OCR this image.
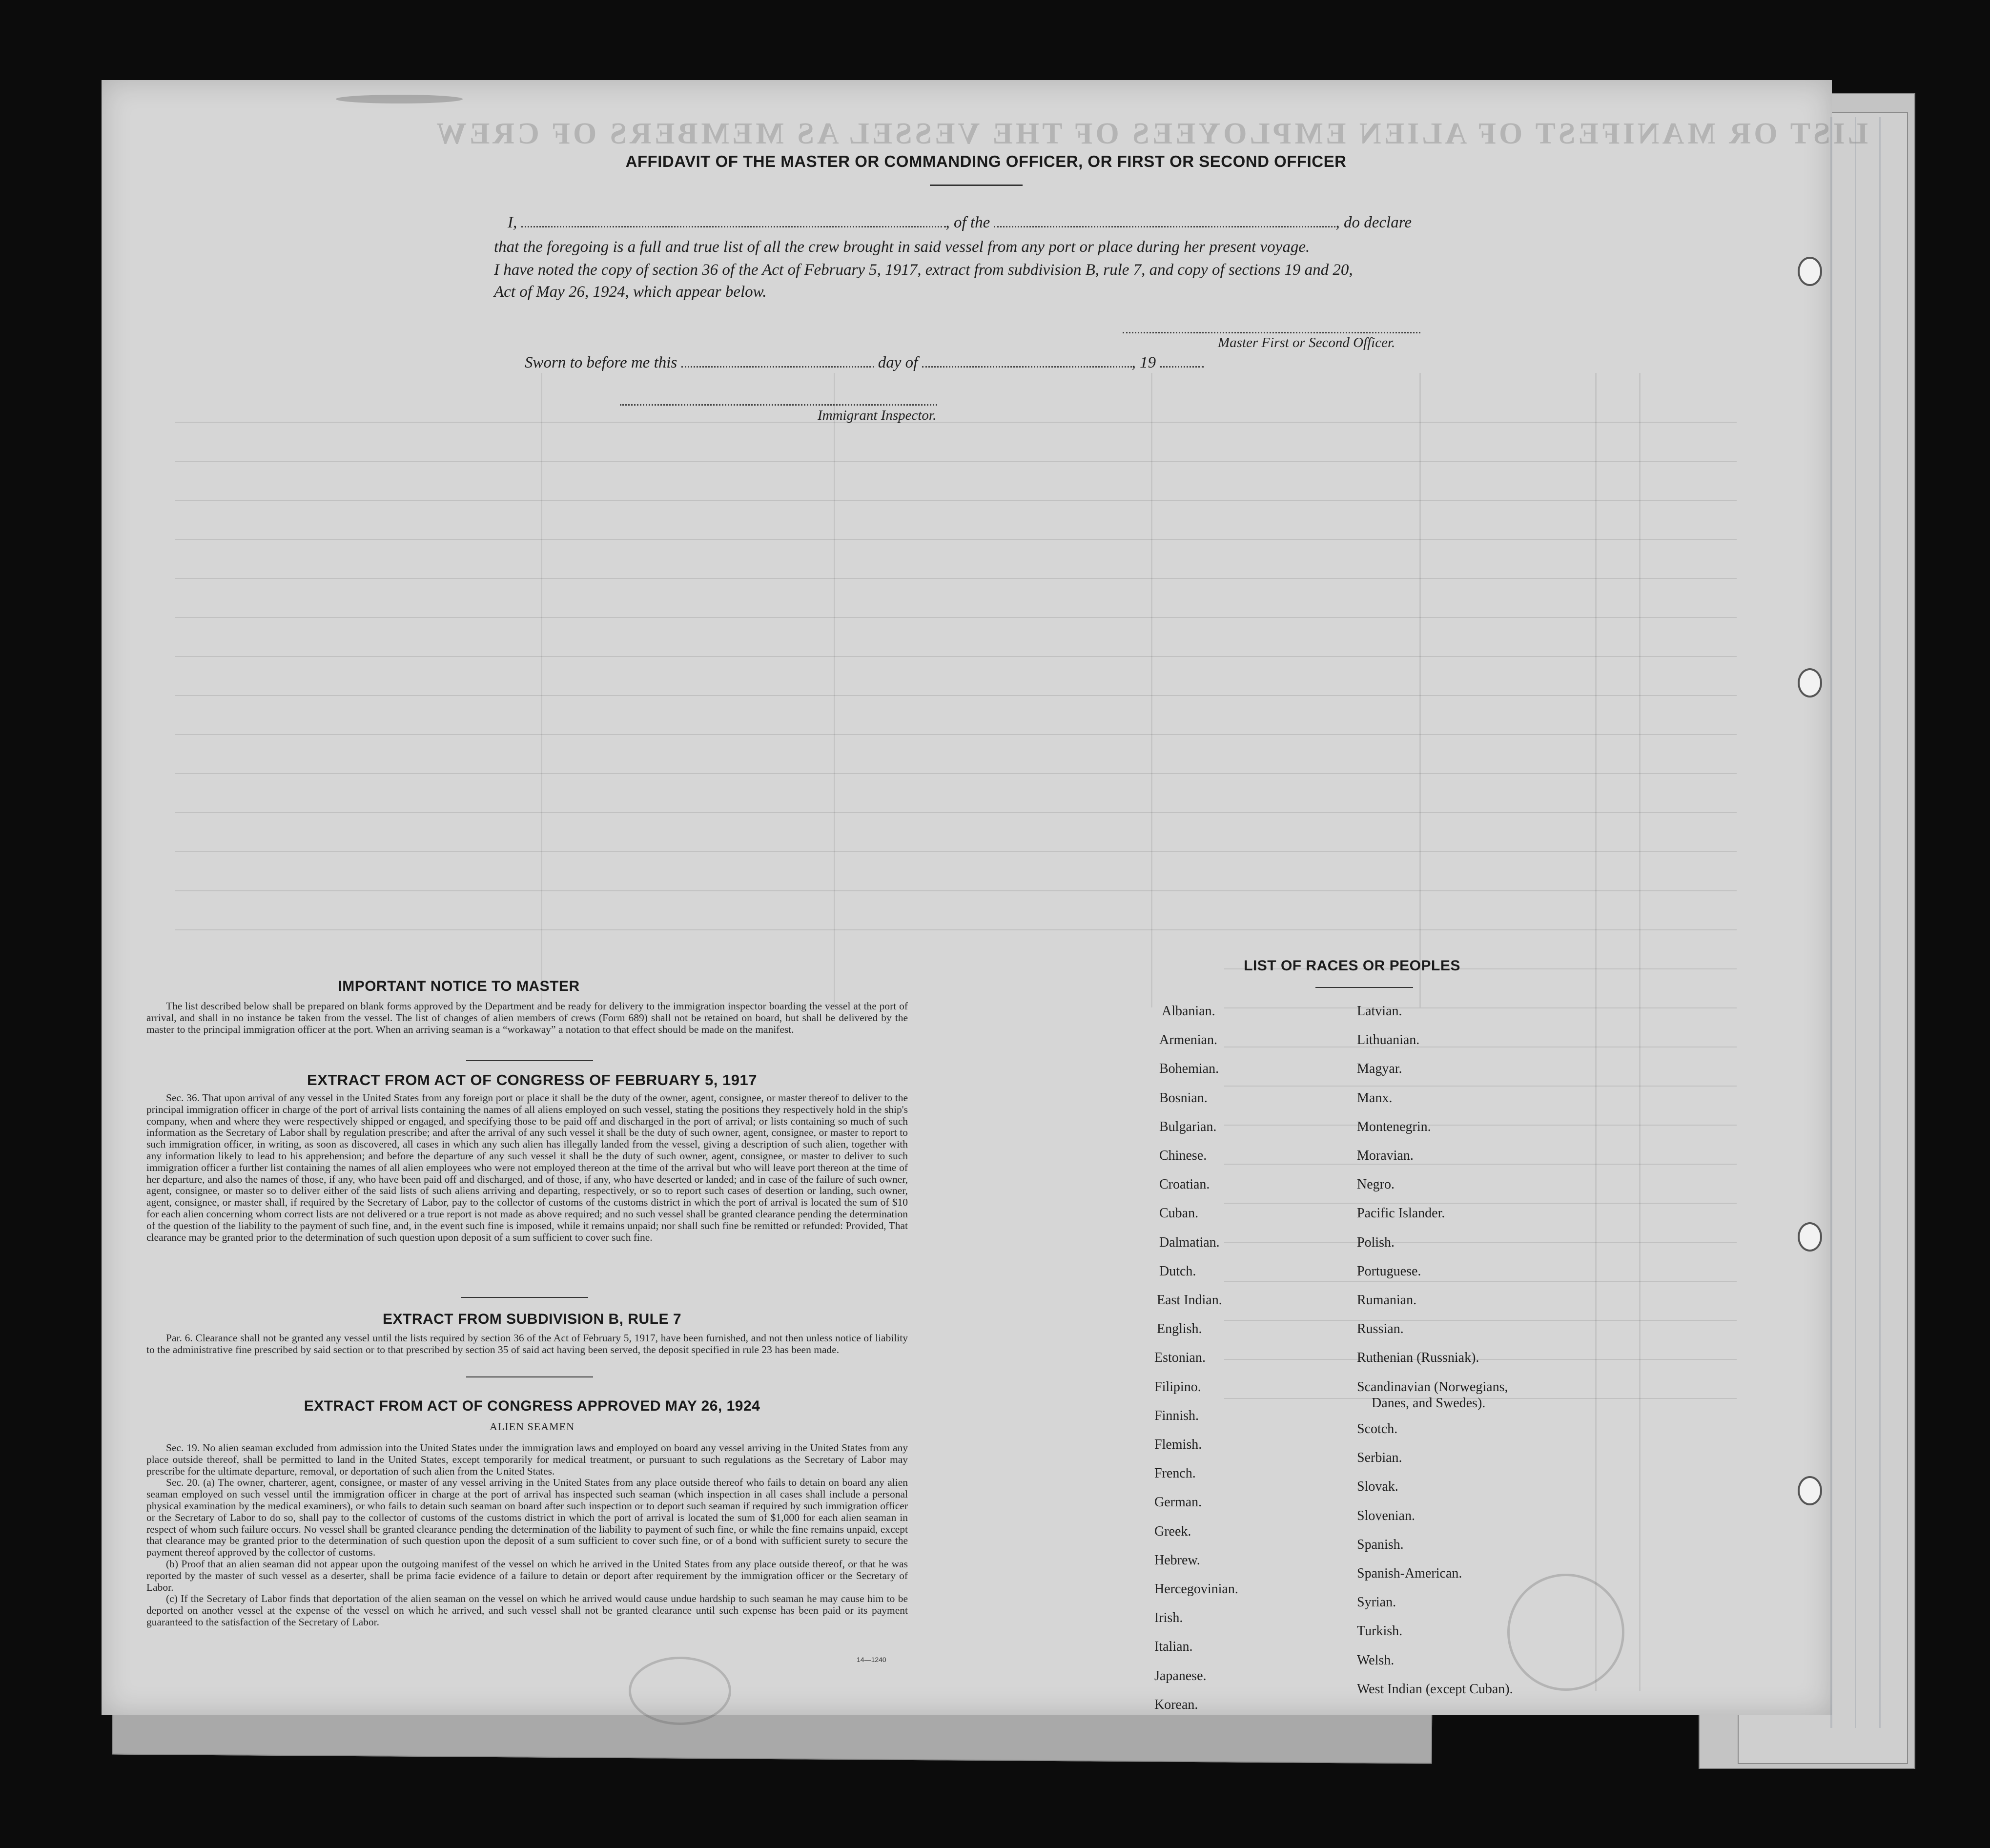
LIST OR MANIFEST OF ALIEN EMPLOYEES OF THE VESSEL AS MEMBERS OF CREW
AFFIDAVIT OF THE MASTER OR COMMANDING OFFICER, OR FIRST OR SECOND OFFICER
I,	, of the	, do declare
that the foregoing is a full and true list of all the crew brought in said vessel from any port or place during her present voyage.
I have noted the copy of section 36 of the Act of February 5, 1917, extract from subdivision B, rule 7, and copy of sections 19 and 20,
Act of May 26, 1924, which appear below.
Master First or Second Officer.
Sworn to before me this	day of	, 19
Immigrant Inspector.
IMPORTANT NOTICE TO MASTER

The list described below shall be prepared on blank forms approved by the Department and be ready for delivery to the immigration inspector boarding the vessel at the port of arrival, and shall in no instance be taken from the vessel. The list of changes of alien members of crews (Form 689) shall not be retained on board, but shall be delivered by the master to the principal immigration officer at the port. When an arriving seaman is a “workaway” a notation to that effect should be made on the manifest.

EXTRACT FROM ACT OF CONGRESS OF FEBRUARY 5, 1917

Sec. 36. That upon arrival of any vessel in the United States from any foreign port or place it shall be the duty of the owner, agent, consignee, or master thereof to deliver to the principal immigration officer in charge of the port of arrival lists containing the names of all aliens employed on such vessel, stating the positions they respectively hold in the ship's company, when and where they were respectively shipped or engaged, and specifying those to be paid off and discharged in the port of arrival; or lists containing so much of such information as the Secretary of Labor shall by regulation prescribe; and after the arrival of any such vessel it shall be the duty of such owner, agent, consignee, or master to report to such immigration officer, in writing, as soon as discovered, all cases in which any such alien has illegally landed from the vessel, giving a description of such alien, together with any information likely to lead to his apprehension; and before the departure of any such vessel it shall be the duty of such owner, agent, consignee, or master to deliver to such immigration officer a further list containing the names of all alien employees who were not employed thereon at the time of the arrival but who will leave port thereon at the time of her departure, and also the names of those, if any, who have been paid off and discharged, and of those, if any, who have deserted or landed; and in case of the failure of such owner, agent, consignee, or master so to deliver either of the said lists of such aliens arriving and departing, respectively, or so to report such cases of desertion or landing, such owner, agent, consignee, or master shall, if required by the Secretary of Labor, pay to the collector of customs of the customs district in which the port of arrival is located the sum of $10 for each alien concerning whom correct lists are not delivered or a true report is not made as above required; and no such vessel shall be granted clearance pending the determination of the question of the liability to the payment of such fine, and, in the event such fine is imposed, while it remains unpaid; nor shall such fine be remitted or refunded: Provided, That clearance may be granted prior to the determination of such question upon deposit of a sum sufficient to cover such fine.

EXTRACT FROM SUBDIVISION B, RULE 7

Par. 6. Clearance shall not be granted any vessel until the lists required by section 36 of the Act of February 5, 1917, have been furnished, and not then unless notice of liability to the administrative fine prescribed by said section or to that prescribed by section 35 of said act having been served, the deposit specified in rule 23 has been made.

EXTRACT FROM ACT OF CONGRESS APPROVED MAY 26, 1924
ALIEN SEAMEN

Sec. 19. No alien seaman excluded from admission into the United States under the immigration laws and employed on board any vessel arriving in the United States from any place outside thereof, shall be permitted to land in the United States, except temporarily for medical treatment, or pursuant to such regulations as the Secretary of Labor may prescribe for the ultimate departure, removal, or deportation of such alien from the United States.

Sec. 20. (a) The owner, charterer, agent, consignee, or master of any vessel arriving in the United States from any place outside thereof who fails to detain on board any alien seaman employed on such vessel until the immigration officer in charge at the port of arrival has inspected such seaman (which inspection in all cases shall include a personal physical examination by the medical examiners), or who fails to detain such seaman on board after such inspection or to deport such seaman if required by such immigration officer or the Secretary of Labor to do so, shall pay to the collector of customs of the customs district in which the port of arrival is located the sum of $1,000 for each alien seaman in respect of whom such failure occurs. No vessel shall be granted clearance pending the determination of the liability to payment of such fine, or while the fine remains unpaid, except that clearance may be granted prior to the determination of such question upon the deposit of a sum sufficient to cover such fine, or of a bond with sufficient surety to secure the payment thereof approved by the collector of customs.

(b) Proof that an alien seaman did not appear upon the outgoing manifest of the vessel on which he arrived in the United States from any place outside thereof, or that he was reported by the master of such vessel as a deserter, shall be prima facie evidence of a failure to detain or deport after requirement by the immigration officer or the Secretary of Labor.

(c) If the Secretary of Labor finds that deportation of the alien seaman on the vessel on which he arrived would cause undue hardship to such seaman he may cause him to be deported on another vessel at the expense of the vessel on which he arrived, and such vessel shall not be granted clearance until such expense has been paid or its payment guaranteed to the satisfaction of the Secretary of Labor.

14—1240
LIST OF RACES OR PEOPLES
Albanian.
Armenian.
Bohemian.
Bosnian.
Bulgarian.
Chinese.
Croatian.
Cuban.
Dalmatian.
Dutch.
East Indian.
English.
Estonian.
Filipino.
Finnish.
Flemish.
French.
German.
Greek.
Hebrew.
Hercegovinian.
Irish.
Italian.
Japanese.
Korean.
Latvian.
Lithuanian.
Magyar.
Manx.
Montenegrin.
Moravian.
Negro.
Pacific Islander.
Polish.
Portuguese.
Rumanian.
Russian.
Ruthenian (Russniak).
Scandinavian (Norwegians,
Danes, and Swedes).
Scotch.
Serbian.
Slovak.
Slovenian.
Spanish.
Spanish-American.
Syrian.
Turkish.
Welsh.
West Indian (except Cuban).
